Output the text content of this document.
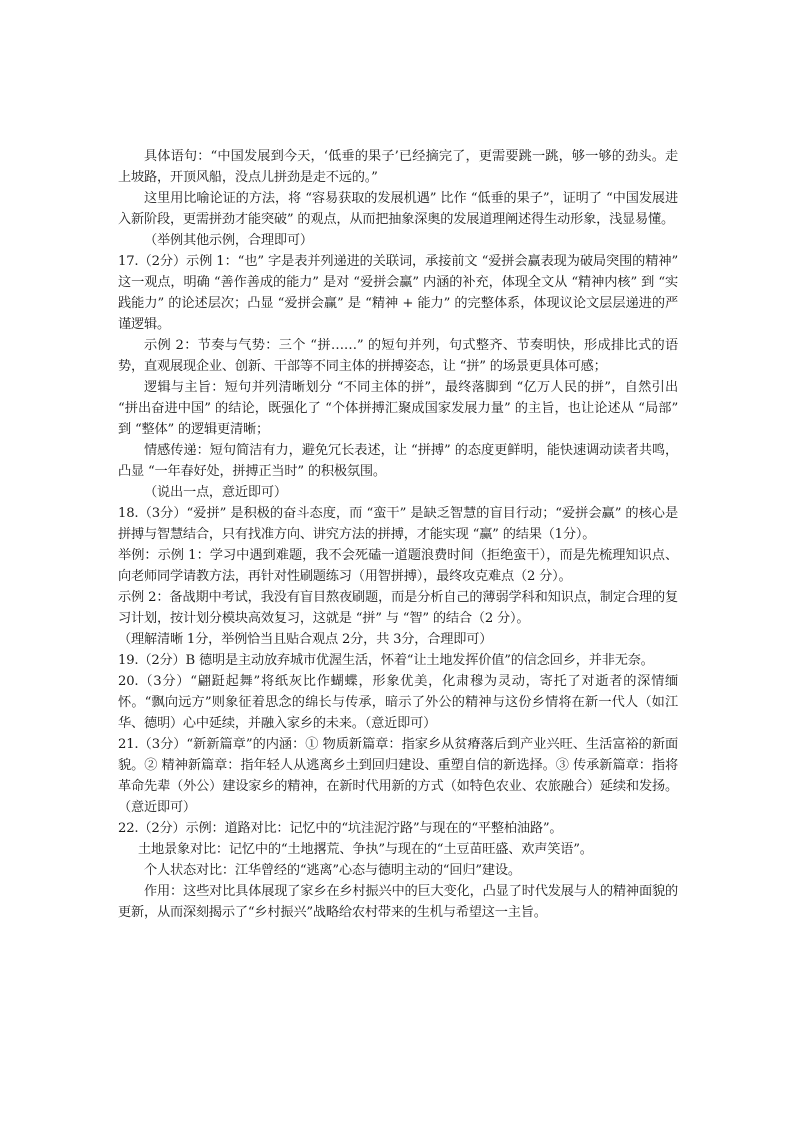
具体语句：“中国发展到今天，‘低垂的果子’已经摘完了，更需要跳一跳，够一够的劲头。走上坡路，开顶风船，没点儿拼劲是走不远的。”

这里用比喻论证的方法，将 “容易获取的发展机遇” 比作 “低垂的果子”，证明了 “中国发展进入新阶段，更需拼劲才能突破” 的观点，从而把抽象深奥的发展道理阐述得生动形象，浅显易懂。

（举例其他示例，合理即可）

17.（2分）示例 1：“也” 字是表并列递进的关联词，承接前文 “爱拼会赢表现为破局突围的精神” 这一观点，明确 “善作善成的能力” 是对 “爱拼会赢” 内涵的补充，体现全文从 “精神内核” 到 “实践能力” 的论述层次；凸显 “爱拼会赢” 是 “精神 + 能力” 的完整体系，体现议论文层层递进的严谨逻辑。

示例 2：节奏与气势：三个 “拼……” 的短句并列，句式整齐、节奏明快，形成排比式的语势，直观展现企业、创新、干部等不同主体的拼搏姿态，让 “拼” 的场景更具体可感；

逻辑与主旨：短句并列清晰划分 “不同主体的拼”，最终落脚到 “亿万人民的拼”，自然引出 “拼出奋进中国” 的结论，既强化了 “个体拼搏汇聚成国家发展力量” 的主旨，也让论述从 “局部” 到 “整体” 的逻辑更清晰；

情感传递：短句简洁有力，避免冗长表述，让 “拼搏” 的态度更鲜明，能快速调动读者共鸣，凸显 “一年春好处，拼搏正当时” 的积极氛围。

（说出一点，意近即可）

18.（3分）“爱拼” 是积极的奋斗态度，而 “蛮干” 是缺乏智慧的盲目行动；“爱拼会赢” 的核心是拼搏与智慧结合，只有找准方向、讲究方法的拼搏，才能实现 “赢” 的结果（1分）。

举例：示例 1：学习中遇到难题，我不会死磕一道题浪费时间（拒绝蛮干），而是先梳理知识点、向老师同学请教方法，再针对性刷题练习（用智拼搏），最终攻克难点（2 分）。

示例 2：备战期中考试，我没有盲目熬夜刷题，而是分析自己的薄弱学科和知识点，制定合理的复习计划，按计划分模块高效复习，这就是 “拼” 与 “智” 的结合（2 分）。

（理解清晰 1分，举例恰当且贴合观点 2分，共 3分，合理即可）

19.（2分）B 德明是主动放弃城市优渥生活，怀着“让土地发挥价值”的信念回乡，并非无奈。

20.（3分）“翩跹起舞”将纸灰比作蝴蝶，形象优美，化肃穆为灵动，寄托了对逝者的深情缅怀。“飘向远方”则象征着思念的绵长与传承，暗示了外公的精神与这份乡情将在新一代人（如江华、德明）心中延续，并融入家乡的未来。（意近即可）

21.（3分）“新新篇章”的内涵：① 物质新篇章：指家乡从贫瘠落后到产业兴旺、生活富裕的新面貌。② 精神新篇章：指年轻人从逃离乡土到回归建设、重塑自信的新选择。③ 传承新篇章：指将革命先辈（外公）建设家乡的精神，在新时代用新的方式（如特色农业、农旅融合）延续和发扬。 （意近即可）

22.（2分）示例：道路对比：记忆中的“坑洼泥泞路”与现在的“平整柏油路”。

土地景象对比：记忆中的“土地撂荒、争执”与现在的“土豆苗旺盛、欢声笑语”。

个人状态对比：江华曾经的“逃离”心态与德明主动的“回归”建设。

作用：这些对比具体展现了家乡在乡村振兴中的巨大变化，凸显了时代发展与人的精神面貌的更新，从而深刻揭示了“乡村振兴”战略给农村带来的生机与希望这一主旨。
